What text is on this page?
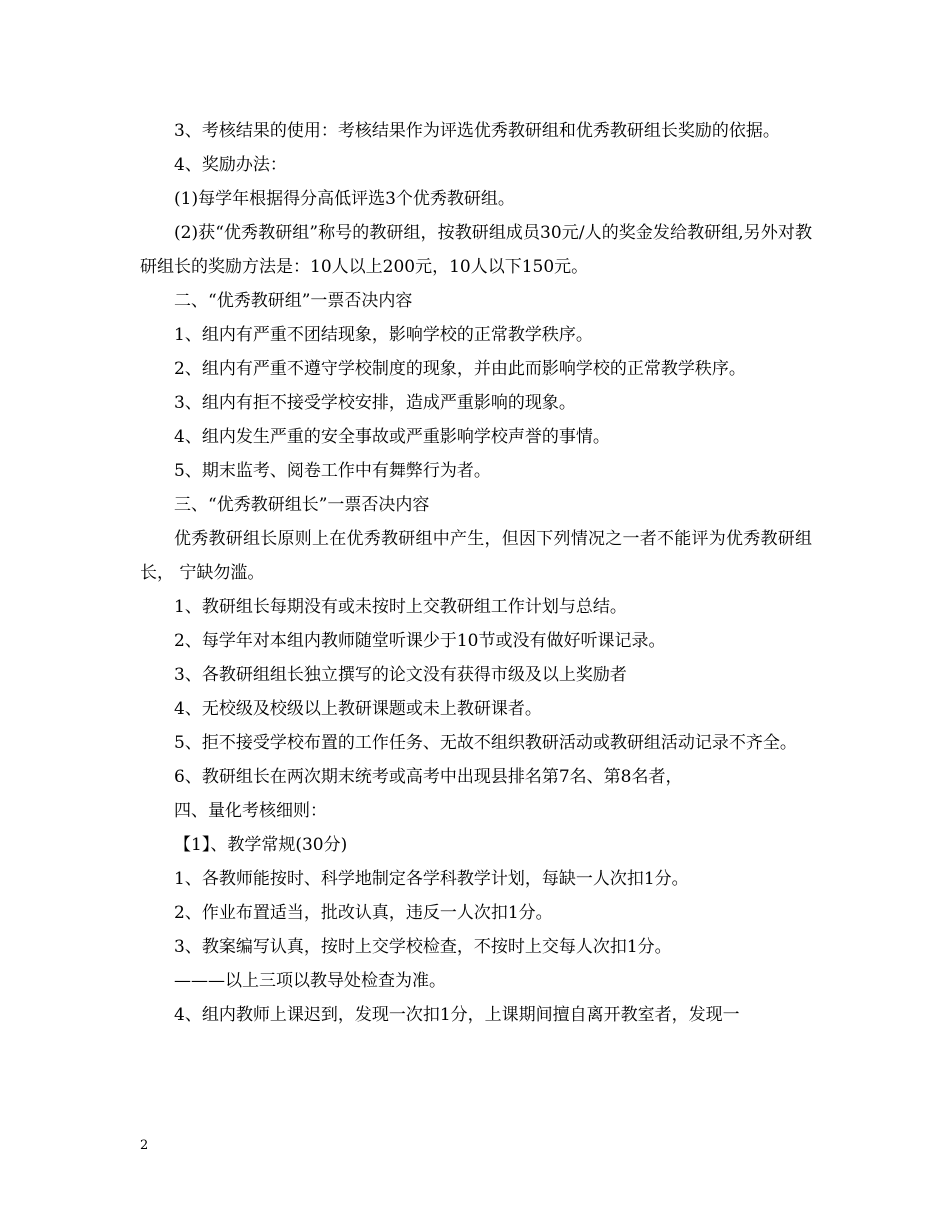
3、考核结果的使用：考核结果作为评选优秀教研组和优秀教研组长奖励的依据。

4、奖励办法：

(1)每学年根据得分高低评选3个优秀教研组。

(2)获“优秀教研组”称号的教研组，按教研组成员30元/人的奖金发给教研组,另外对教研组长的奖励方法是：10人以上200元，10人以下150元。

二、“优秀教研组”一票否决内容

1、组内有严重不团结现象，影响学校的正常教学秩序。

2、组内有严重不遵守学校制度的现象，并由此而影响学校的正常教学秩序。

3、组内有拒不接受学校安排，造成严重影响的现象。

4、组内发生严重的安全事故或严重影响学校声誉的事情。

5、期末监考、阅卷工作中有舞弊行为者。

三、“优秀教研组长”一票否决内容

优秀教研组长原则上在优秀教研组中产生，但因下列情况之一者不能评为优秀教研组长， 宁缺勿滥。

1、教研组长每期没有或未按时上交教研组工作计划与总结。

2、每学年对本组内教师随堂听课少于10节或没有做好听课记录。

3、各教研组组长独立撰写的论文没有获得市级及以上奖励者

4、无校级及校级以上教研课题或未上教研课者。

5、拒不接受学校布置的工作任务、无故不组织教研活动或教研组活动记录不齐全。

6、教研组长在两次期末统考或高考中出现县排名第7名、第8名者，

四、量化考核细则：

【1】、教学常规(30分)

1、各教师能按时、科学地制定各学科教学计划，每缺一人次扣1分。

2、作业布置适当，批改认真，违反一人次扣1分。

3、教案编写认真，按时上交学校检查，不按时上交每人次扣1分。

———以上三项以教导处检查为准。

4、组内教师上课迟到，发现一次扣1分，上课期间擅自离开教室者，发现一

2
